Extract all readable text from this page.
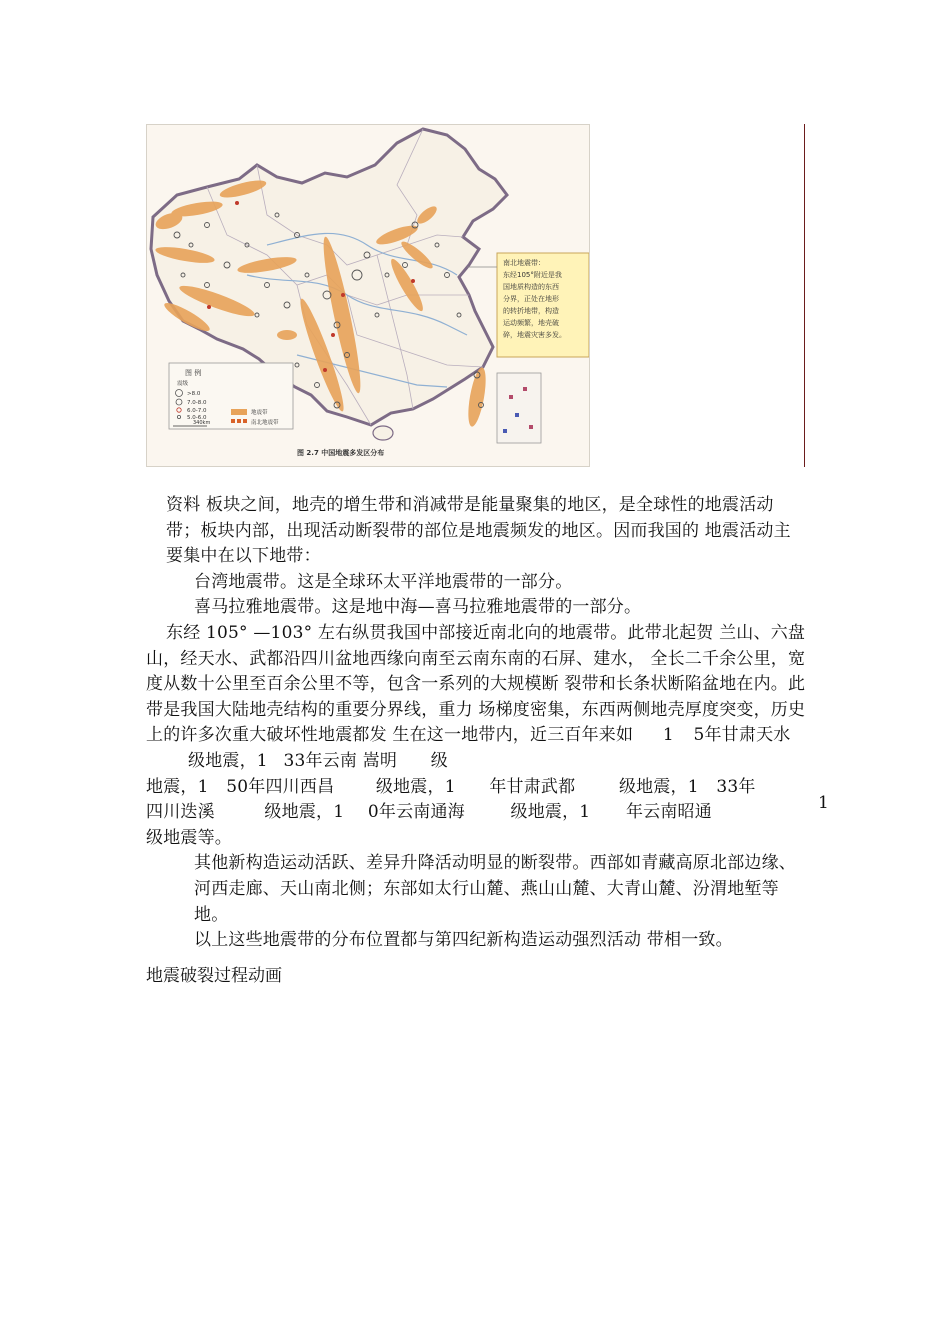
南北地震带：
东经105°附近是我
国地质构造的东西
分界，正处在地形
的转折地带，构造
运动频繁，地壳破
碎，地震灾害多发。
图 例
震级
>8.0
7.0-8.0
6.0-7.0
5.0-6.0
地震带
南北地震带
340km
图 2.7 中国地震多发区分布

资料 板块之间，地壳的增生带和消减带是能量聚集的地区，是全球性的地震活动带；板块内部，出现活动断裂带的部位是地震频发的地区。因而我国的 地震活动主要集中在以下地带：

台湾地震带。这是全球环太平洋地震带的一部分。

喜马拉雅地震带。这是地中海—喜马拉雅地震带的一部分。

东经 105° —103° 左右纵贯我国中部接近南北向的地震带。此带北起贺 兰山、六盘山，经天水、武都沿四川盆地西缘向南至云南东南的石屏、建水， 全长二千余公里，宽度从数十公里至百余公里不等，包含一系列的大规模断 裂带和长条状断陷盆地在内。此带是我国大陆地壳结构的重要分界线，重力 场梯度密集，东西两侧地壳厚度突变，历史上的许多次重大破坏性地震都发 生在这一地带内，近三百年来如 1 5年甘肃天水 级地震，1 33年云南 嵩明 级
地震，1 50年四川西昌 级地震，1 年甘肃武都	级地震，1 33年
四川迭溪	级地震，1 0年云南通海	级地震，1 年云南昭通
级地震等。

其他新构造运动活跃、差异升降活动明显的断裂带。西部如青藏高原北部边缘、河西走廊、天山南北侧；东部如太行山麓、燕山山麓、大青山麓、汾渭地堑等地。

以上这些地震带的分布位置都与第四纪新构造运动强烈活动 带相一致。

1
地震破裂过程动画
